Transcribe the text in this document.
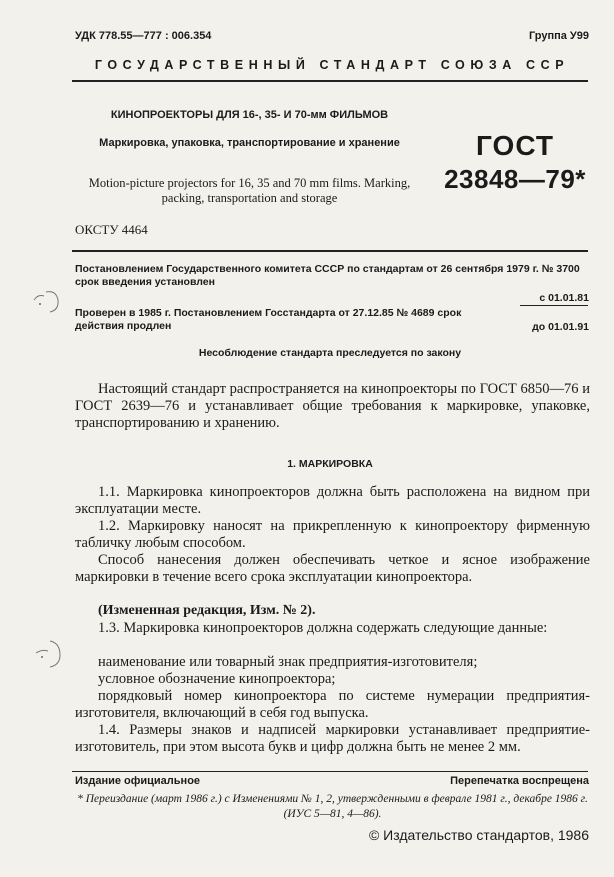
УДК 778.55—777 : 006.354	Группа У99
ГОСУДАРСТВЕННЫЙ СТАНДАРТ СОЮЗА ССР
КИНОПРОЕКТОРЫ ДЛЯ 16-, 35- И 70-мм ФИЛЬМОВ
Маркировка, упаковка, транспортирование и хранение
Motion-picture projectors for 16, 35 and 70 mm films. Marking, packing, transportation and storage
ГОСТ
23848—79*
ОКСТУ 4464
Постановлением Государственного комитета СССР по стандартам от 26 сентября 1979 г. № 3700 срок введения установлен
с 01.01.81
Проверен в 1985 г. Постановлением Госстандарта от 27.12.85 № 4689 срок действия продлен	до 01.01.91
Несоблюдение стандарта преследуется по закону
Настоящий стандарт распространяется на кинопроекторы по ГОСТ 6850—76 и ГОСТ 2639—76 и устанавливает общие требования к маркировке, упаковке, транспортированию и хранению.
1. МАРКИРОВКА
1.1. Маркировка кинопроекторов должна быть расположена на видном при эксплуатации месте.
1.2. Маркировку наносят на прикрепленную к кинопроектору фирменную табличку любым способом.
Способ нанесения должен обеспечивать четкое и ясное изображение маркировки в течение всего срока эксплуатации кинопроектора.
(Измененная редакция, Изм. № 2).
1.3. Маркировка кинопроекторов должна содержать следующие данные:
наименование или товарный знак предприятия-изготовителя;
условное обозначение кинопроектора;
порядковый номер кинопроектора по системе нумерации предприятия-изготовителя, включающий в себя год выпуска.
1.4. Размеры знаков и надписей маркировки устанавливает предприятие-изготовитель, при этом высота букв и цифр должна быть не менее 2 мм.
Издание официальное	Перепечатка воспрещена
* Переиздание (март 1986 г.) с Изменениями № 1, 2, утвержденными в феврале 1981 г., декабре 1986 г. (ИУС 5—81, 4—86).
© Издательство стандартов, 1986
